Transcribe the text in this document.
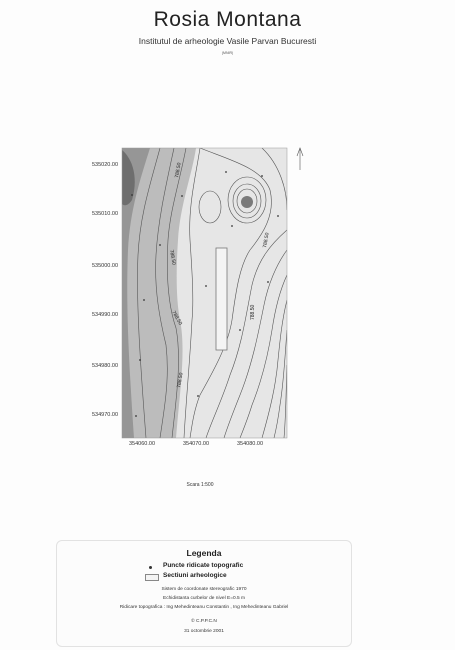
Rosia Montana
Institutul de arheologie Vasile Parvan Bucuresti
(MNIR)
788.50
788.50
788.50
788.50
788.50
788.50
535020.00
535010.00
535000.00
534990.00
534980.00
534970.00
354060.00	354070.00	354080.00
Scara 1:500
Legenda
Puncte ridicate topografic
Sectiuni arheologice
Sistem de coordonate stereografic 1970
Echidistanta curbelor de nivel E=0.5 m
Ridicare topografica : Ing Mehedinteanu Constantin , Ing Mehedinteanu Gabriel
© C.P.P.C.N
31 octombrie 2001
